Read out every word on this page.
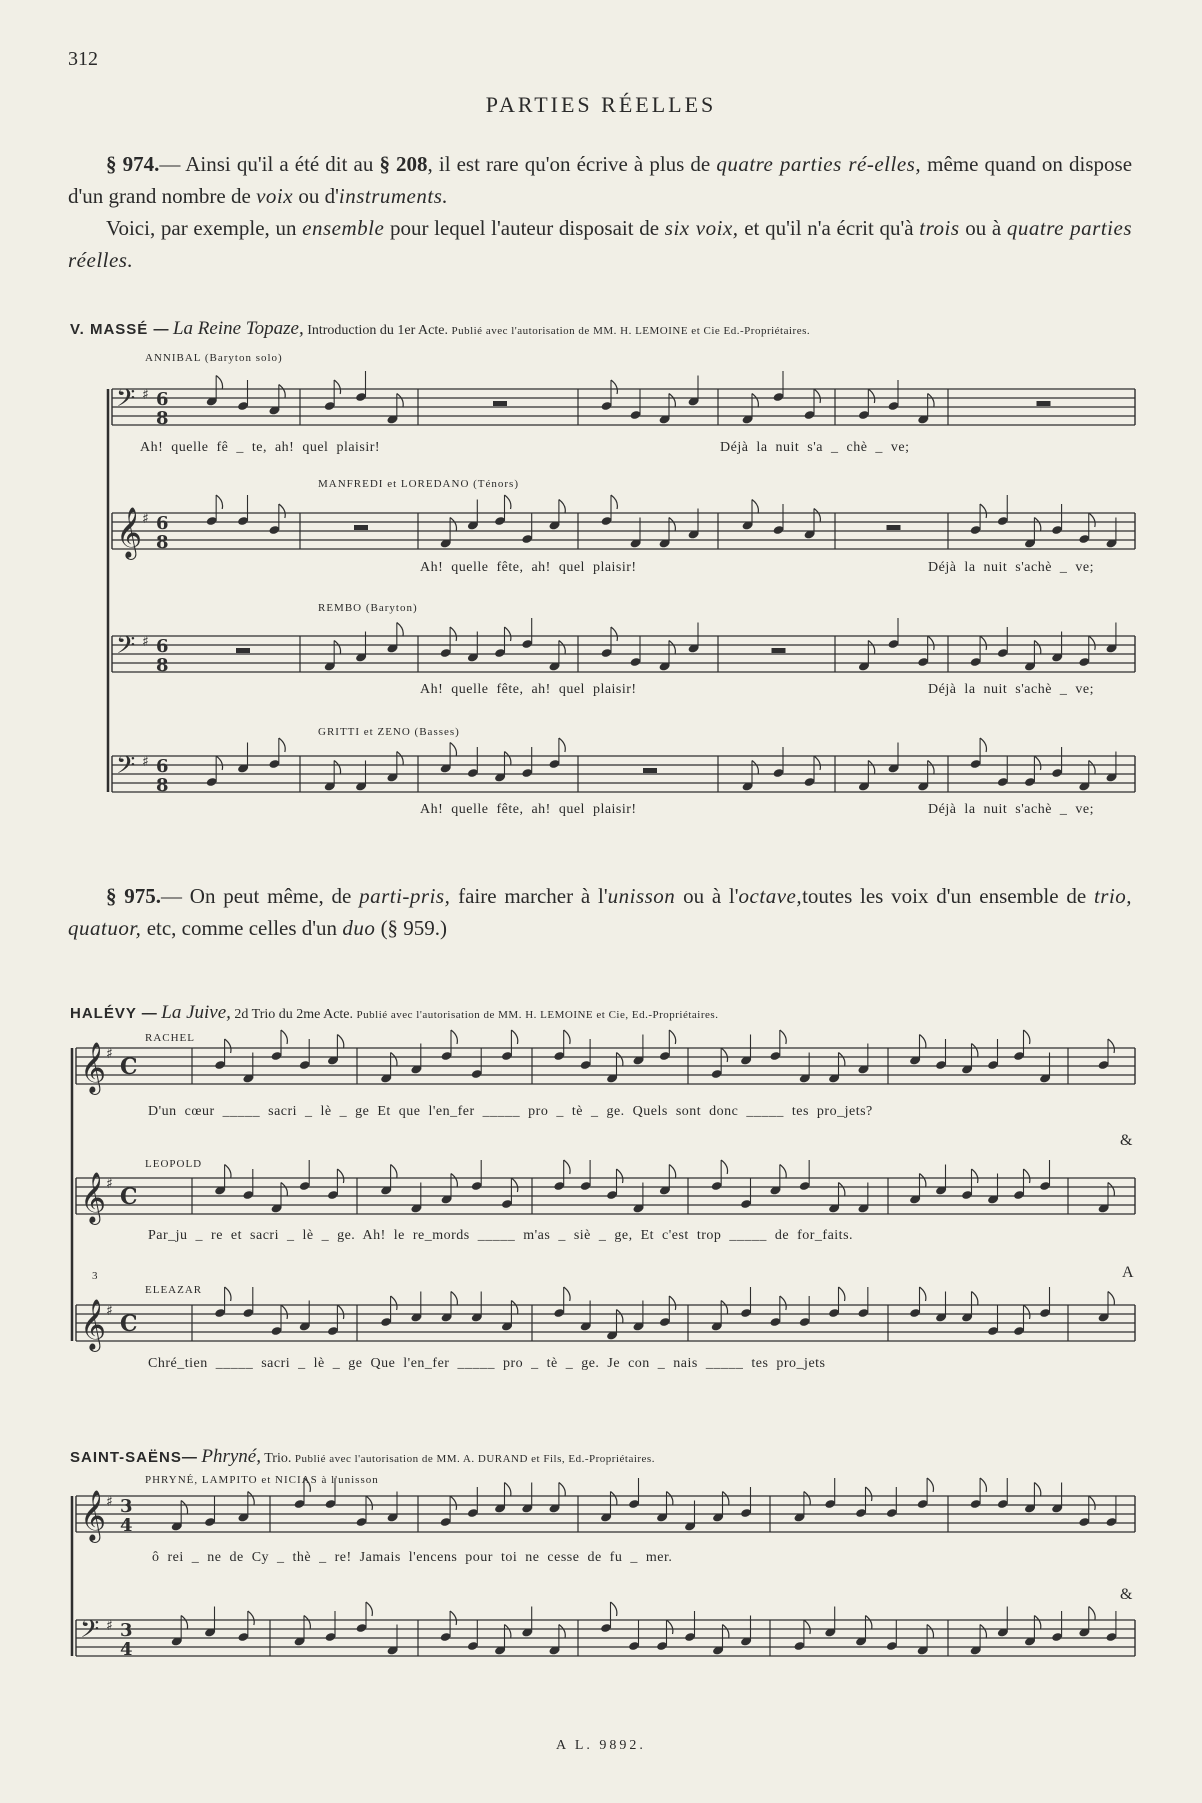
312
PARTIES RÉELLES
§ 974.— Ainsi qu'il a été dit au § 208, il est rare qu'on écrive à plus de quatre parties ré-elles, même quand on dispose d'un grand nombre de voix ou d'instruments.
Voici, par exemple, un ensemble pour lequel l'auteur disposait de six voix, et qu'il n'a écrit qu'à trois ou à quatre parties réelles.
V. MASSÉ — La Reine Topaze, Introduction du 1er Acte. Publié avec l'autorisation de MM. H. LEMOINE et Cie Ed.-Propriétaires.
ANNIBAL (Baryton solo)
Ah! quelle fê _ te, ah! quel plaisir!	Déjà la nuit s'a _ chè _ ve;
MANFREDI et LOREDANO (Ténors)
Ah! quelle fête, ah! quel plaisir!	Déjà la nuit s'achè _ ve;
REMBO (Baryton)
Ah! quelle fête, ah! quel plaisir!	Déjà la nuit s'achè _ ve;
GRITTI et ZENO (Basses)
Ah! quelle fête, ah! quel plaisir!	Déjà la nuit s'achè _ ve;
§ 975.— On peut même, de parti-pris, faire marcher à l'unisson ou à l'octave,toutes les voix d'un ensemble de trio, quatuor, etc, comme celles d'un duo (§ 959.)
HALÉVY — La Juive, 2d Trio du 2me Acte. Publié avec l'autorisation de MM. H. LEMOINE et Cie, Ed.-Propriétaires.
RACHEL
D'un cœur _____ sacri _ lè _ ge Et que l'en_fer _____ pro _ tè _ ge. Quels sont donc _____ tes pro_jets?
&
LEOPOLD
Par_ju _ re et sacri _ lè _ ge. Ah! le re_mords _____ m'as _ siè _ ge, Et c'est trop _____ de for_faits.
A
3
ELEAZAR
Chré_tien _____ sacri _ lè _ ge Que l'en_fer _____ pro _ tè _ ge. Je con _ nais _____ tes pro_jets
SAINT-SAËNS— Phryné, Trio. Publié avec l'autorisation de MM. A. DURAND et Fils, Ed.-Propriétaires.
PHRYNÉ, LAMPITO et NICIAS à l'unisson
ô rei _ ne de Cy _ thè _ re! Jamais l'encens pour toi ne cesse de fu _ mer.
&
A L. 9892.
𝄢 ♯ 6
8
𝄞 ♯ 6
8
𝄢 ♯ 6
8
𝄢 ♯ 6
8
𝄞 ♯ C
𝄞 ♯ C
𝄞 ♯ C
𝄞 ♯ 3
4
𝄢 ♯ 3
4
